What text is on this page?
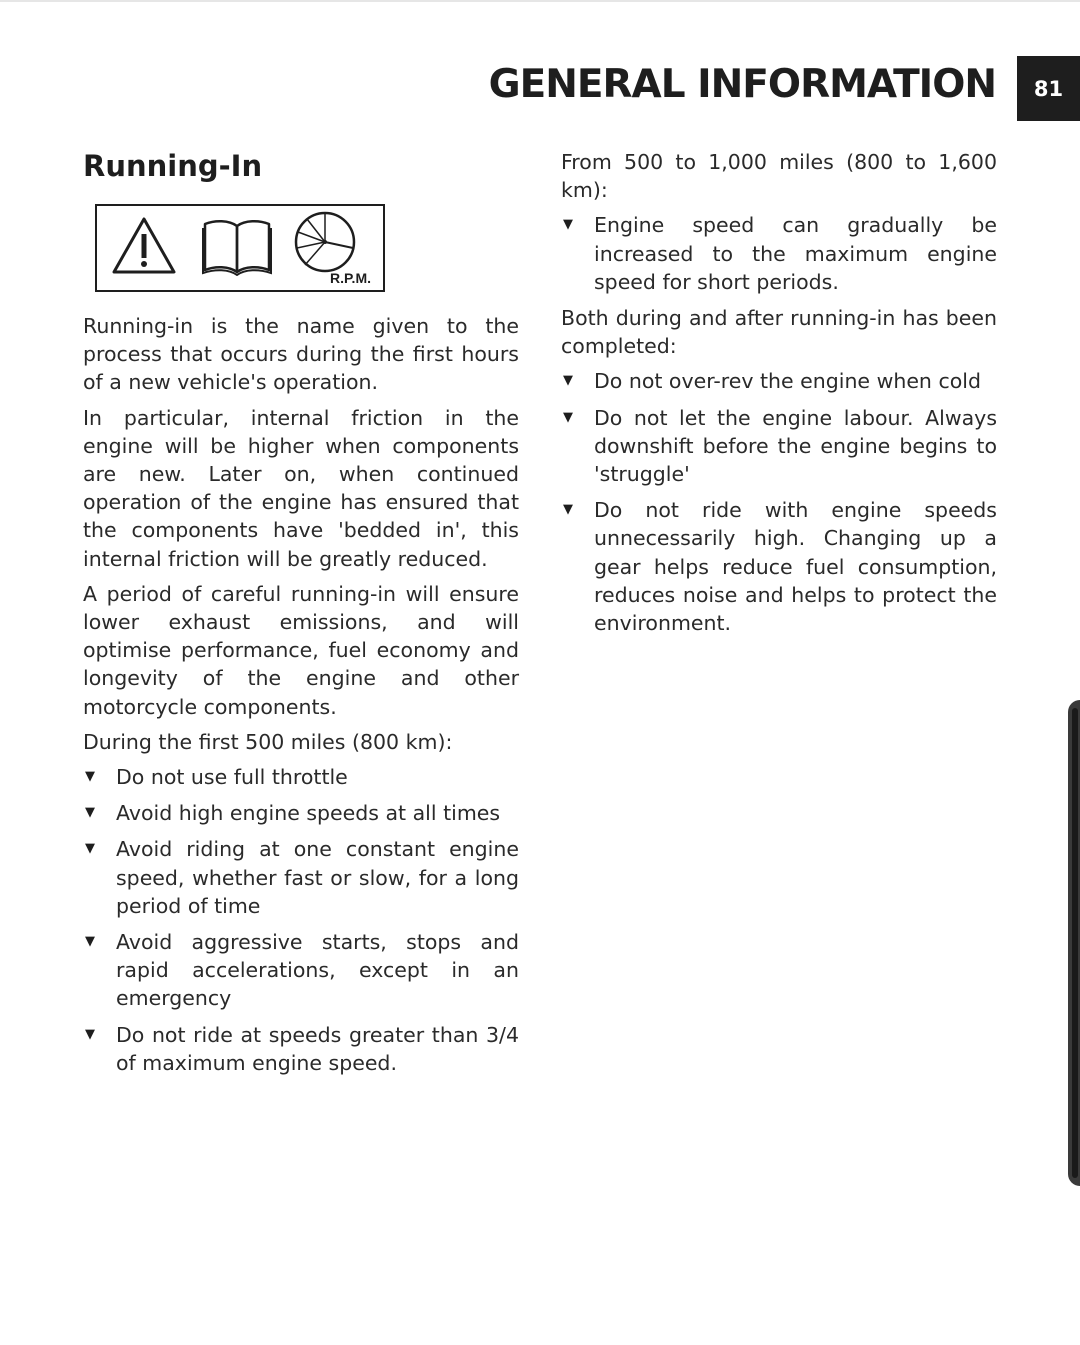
GENERAL INFORMATION 81
Running-In
R.P.M.

Running-in is the name given to the process that occurs during the first hours of a new vehicle's operation.

In particular, internal friction in the engine will be higher when components are new. Later on, when continued operation of the engine has ensured that the components have 'bedded in', this internal friction will be greatly reduced.

A period of careful running-in will ensure lower exhaust emissions, and will optimise performance, fuel economy and longevity of the engine and other motorcycle components.

During the first 500 miles (800 km):

▼ Do not use full throttle
▼ Avoid high engine speeds at all times
▼ Avoid riding at one constant engine speed, whether fast or slow, for a long period of time
▼ Avoid aggressive starts, stops and rapid accelerations, except in an emergency
▼ Do not ride at speeds greater than 3/4 of maximum engine speed.

From 500 to 1,000 miles (800 to 1,600 km):

▼ Engine speed can gradually be increased to the maximum engine speed for short periods.

Both during and after running-in has been completed:

▼ Do not over-rev the engine when cold
▼ Do not let the engine labour. Always downshift before the engine begins to 'struggle'
▼ Do not ride with engine speeds unnecessarily high. Changing up a gear helps reduce fuel consumption, reduces noise and helps to protect the environment.
